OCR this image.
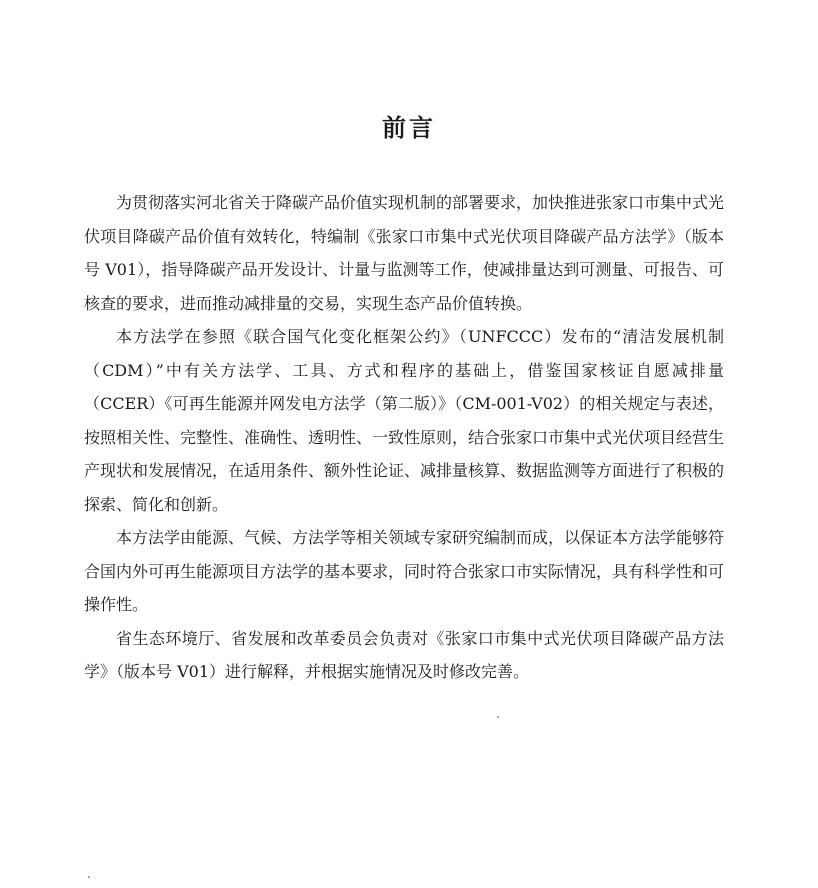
前言

为贯彻落实河北省关于降碳产品价值实现机制的部署要求，加快推进张家口市集中式光伏项目降碳产品价值有效转化，特编制《张家口市集中式光伏项目降碳产品方法学》（版本号 V01），指导降碳产品开发设计、计量与监测等工作，使减排量达到可测量、可报告、可核查的要求，进而推动减排量的交易，实现生态产品价值转换。

本方法学在参照《联合国气化变化框架公约》（UNFCCC）发布的“清洁发展机制（CDM）”中有关方法学、工具、方式和程序的基础上，借鉴国家核证自愿减排量（CCER）《可再生能源并网发电方法学（第二版）》（CM-001-V02）的相关规定与表述，按照相关性、完整性、准确性、透明性、一致性原则，结合张家口市集中式光伏项目经营生产现状和发展情况，在适用条件、额外性论证、减排量核算、数据监测等方面进行了积极的探索、简化和创新。

本方法学由能源、气候、方法学等相关领域专家研究编制而成，以保证本方法学能够符合国内外可再生能源项目方法学的基本要求，同时符合张家口市实际情况，具有科学性和可操作性。

省生态环境厅、省发展和改革委员会负责对《张家口市集中式光伏项目降碳产品方法学》（版本号 V01）进行解释，并根据实施情况及时修改完善。
